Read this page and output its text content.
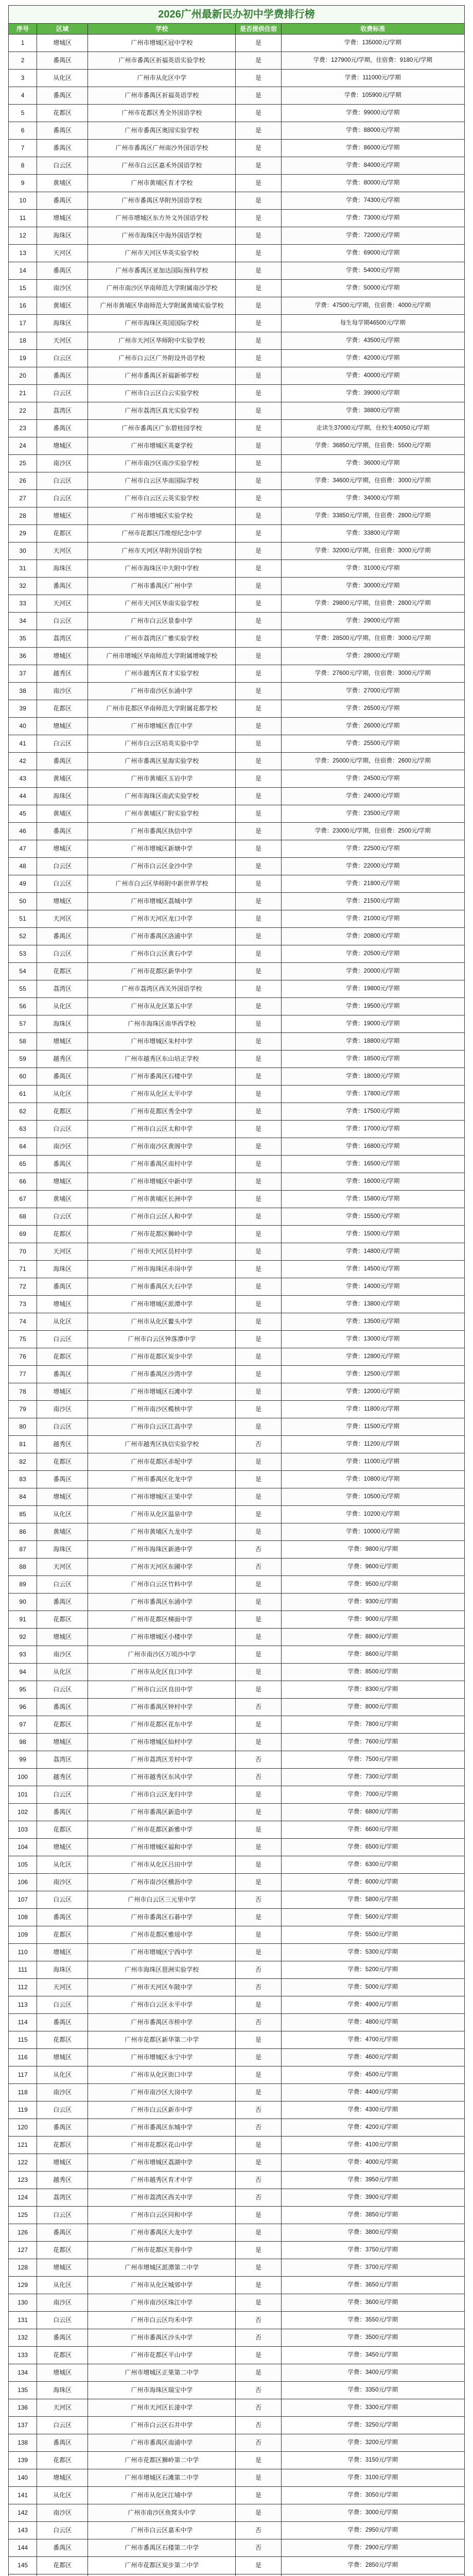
2026广州最新民办初中学费排行榜
序号	区域	学校	是否提供住宿	收费标准
1	增城区	广州市增城区冠中学校	是	学费：135000元/学期
2	番禺区	广州市番禺区祈福英语实验学校	是	学费：127900元/学期，住宿费：9180元/学期
3	从化区	广州市从化区中学	是	学费：111000元/学期
4	番禺区	广州市番禺区祈福英语学校	是	学费：105900元/学期
5	花都区	广州市花都区秀全外国语学校	是	学费：99000元/学期
6	番禺区	广州市番禺区奥园实验学校	是	学费：88000元/学期
7	番禺区	广州市番禺区广州南沙外国语学校	是	学费：86000元/学期
8	白云区	广州市白云区嘉禾外国语学校	是	学费：84000元/学期
9	黄埔区	广州市黄埔区育才学校	是	学费：80000元/学期
10	番禺区	广州市番禺区华附外国语学校	是	学费：74300元/学期
11	增城区	广州市增城区东方外文外国语学校	是	学费：73000元/学期
12	海珠区	广州市海珠区中海外国语学校	是	学费：72000元/学期
13	天河区	广州市天河区华英实验学校	是	学费：69000元/学期
14	番禺区	广州市番禺区亚加达国际预科学校	是	学费：54000元/学期
15	南沙区	广州市南沙区华南师范大学附属南沙学校	是	学费：50000元/学期
16	黄埔区	广州市黄埔区华南师范大学附属黄埔实验学校	是	学费：47500元/学期，住宿费：4000元/学期
17	海珠区	广州市海珠区英国国际学校	是	每生每学期46500元/学期
18	天河区	广州市天河区华师附中实验学校	是	学费：43500元/学期
19	白云区	广州市白云区广外附设外语学校	是	学费：42000元/学期
20	番禺区	广州市番禺区祈福新邨学校	是	学费：40000元/学期
21	白云区	广州市白云区白云实验学校	是	学费：39000元/学期
22	荔湾区	广州市荔湾区真光实验学校	是	学费：38800元/学期
23	番禺区	广州市番禺区广东碧桂园学校	是	走读生37000元/学期，住校生40050元/学期
24	增城区	广州市增城区英豪学校	是	学费：36850元/学期，住宿费：5500元/学期
25	南沙区	广州市南沙区南沙实验学校	是	学费：36000元/学期
26	白云区	广州市白云区华南国际学校	是	学费：34600元/学期，住宿费：3000元/学期
27	白云区	广州市白云区云英实验学校	是	学费：34000元/学期
28	增城区	广州市增城区实验学校	是	学费：33850元/学期，住宿费：2800元/学期
29	花都区	广州市花都区邝维煜纪念中学	是	学费：33800元/学期
30	天河区	广州市天河区华附外国语学校	是	学费：32000元/学期，住宿费：3000元/学期
31	海珠区	广州市海珠区中大附中学校	是	学费：31000元/学期
32	番禺区	广州市番禺区广州中学	是	学费：30000元/学期
33	天河区	广州市天河区华南实验学校	是	学费：29800元/学期，住宿费：2800元/学期
34	白云区	广州市白云区景泰中学	是	学费：29000元/学期
35	荔湾区	广州市荔湾区广雅实验学校	是	学费：28500元/学期，住宿费：3000元/学期
36	增城区	广州市增城区华南师范大学附属增城学校	是	学费：28000元/学期
37	越秀区	广州市越秀区育才实验学校	是	学费：27600元/学期，住宿费：3000元/学期
38	南沙区	广州市南沙区东涌中学	是	学费：27000元/学期
39	花都区	广州市花都区华南师范大学附属花都学校	是	学费：26500元/学期
40	增城区	广州市增城区香江中学	是	学费：26000元/学期
41	白云区	广州市白云区培英实验中学	是	学费：25500元/学期
42	番禺区	广州市番禺区星海实验学校	是	学费：25000元/学期，住宿费：2600元/学期
43	黄埔区	广州市黄埔区玉岩中学	是	学费：24500元/学期
44	海珠区	广州市海珠区南武实验学校	是	学费：24000元/学期
45	黄埔区	广州市黄埔区广附实验学校	是	学费：23500元/学期
46	番禺区	广州市番禺区执信中学	是	学费：23000元/学期，住宿费：2500元/学期
47	增城区	广州市增城区新塘中学	是	学费：22500元/学期
48	白云区	广州市白云区金沙中学	是	学费：22000元/学期
49	白云区	广州市白云区华师附中新世界学校	是	学费：21800元/学期
50	增城区	广州市增城区荔城中学	是	学费：21500元/学期
51	天河区	广州市天河区龙口中学	是	学费：21000元/学期
52	番禺区	广州市番禺区洛浦中学	是	学费：20800元/学期
53	白云区	广州市白云区黄石中学	是	学费：20500元/学期
54	花都区	广州市花都区新华中学	是	学费：20000元/学期
55	荔湾区	广州市荔湾区西关外国语学校	是	学费：19800元/学期
56	从化区	广州市从化区第五中学	是	学费：19500元/学期
57	海珠区	广州市海珠区南华西学校	是	学费：19000元/学期
58	增城区	广州市增城区朱村中学	是	学费：18800元/学期
59	越秀区	广州市越秀区东山培正学校	是	学费：18500元/学期
60	番禺区	广州市番禺区石楼中学	是	学费：18000元/学期
61	从化区	广州市从化区太平中学	是	学费：17800元/学期
62	花都区	广州市花都区秀全中学	是	学费：17500元/学期
63	白云区	广州市白云区太和中学	是	学费：17000元/学期
64	南沙区	广州市南沙区黄阁中学	是	学费：16800元/学期
65	番禺区	广州市番禺区南村中学	是	学费：16500元/学期
66	增城区	广州市增城区中新中学	是	学费：16000元/学期
67	黄埔区	广州市黄埔区长洲中学	是	学费：15800元/学期
68	白云区	广州市白云区人和中学	是	学费：15500元/学期
69	花都区	广州市花都区狮岭中学	是	学费：15000元/学期
70	天河区	广州市天河区员村中学	是	学费：14800元/学期
71	海珠区	广州市海珠区赤岗中学	是	学费：14500元/学期
72	番禺区	广州市番禺区大石中学	是	学费：14000元/学期
73	增城区	广州市增城区派潭中学	是	学费：13800元/学期
74	从化区	广州市从化区鳌头中学	是	学费：13500元/学期
75	白云区	广州市白云区钟落潭中学	是	学费：13000元/学期
76	花都区	广州市花都区炭步中学	是	学费：12800元/学期
77	番禺区	广州市番禺区沙湾中学	是	学费：12500元/学期
78	增城区	广州市增城区石滩中学	是	学费：12000元/学期
79	南沙区	广州市南沙区榄核中学	是	学费：11800元/学期
80	白云区	广州市白云区江高中学	是	学费：11500元/学期
81	越秀区	广州市越秀区执信实验学校	否	学费：11200元/学期
82	花都区	广州市花都区赤坭中学	是	学费：11000元/学期
83	番禺区	广州市番禺区化龙中学	是	学费：10800元/学期
84	增城区	广州市增城区正果中学	是	学费：10500元/学期
85	从化区	广州市从化区温泉中学	是	学费：10200元/学期
86	黄埔区	广州市黄埔区九龙中学	是	学费：10000元/学期
87	海珠区	广州市海珠区新港中学	否	学费：9800元/学期
88	天河区	广州市天河区东圃中学	否	学费：9600元/学期
89	白云区	广州市白云区竹料中学	是	学费：9500元/学期
90	番禺区	广州市番禺区东涌中学	是	学费：9300元/学期
91	花都区	广州市花都区梯面中学	是	学费：9000元/学期
92	增城区	广州市增城区小楼中学	是	学费：8800元/学期
93	南沙区	广州市南沙区万顷沙中学	是	学费：8600元/学期
94	从化区	广州市从化区良口中学	是	学费：8500元/学期
95	白云区	广州市白云区良田中学	是	学费：8300元/学期
96	番禺区	广州市番禺区钟村中学	否	学费：8000元/学期
97	花都区	广州市花都区花东中学	是	学费：7800元/学期
98	增城区	广州市增城区仙村中学	是	学费：7600元/学期
99	荔湾区	广州市荔湾区芳村中学	否	学费：7500元/学期
100	越秀区	广州市越秀区东风中学	否	学费：7300元/学期
101	白云区	广州市白云区龙归中学	是	学费：7000元/学期
102	番禺区	广州市番禺区新造中学	是	学费：6800元/学期
103	花都区	广州市花都区新雅中学	是	学费：6600元/学期
104	增城区	广州市增城区福和中学	是	学费：6500元/学期
105	从化区	广州市从化区吕田中学	是	学费：6300元/学期
106	南沙区	广州市南沙区横沥中学	是	学费：6000元/学期
107	白云区	广州市白云区三元里中学	否	学费：5800元/学期
108	番禺区	广州市番禺区石碁中学	是	学费：5600元/学期
109	花都区	广州市花都区雅瑶中学	是	学费：5500元/学期
110	增城区	广州市增城区宁西中学	是	学费：5300元/学期
111	海珠区	广州市海珠区琶洲实验学校	否	学费：5200元/学期
112	天河区	广州市天河区车陂中学	否	学费：5000元/学期
113	白云区	广州市白云区永平中学	是	学费：4900元/学期
114	番禺区	广州市番禺区市桥中学	否	学费：4800元/学期
115	花都区	广州市花都区新华第二中学	是	学费：4700元/学期
116	增城区	广州市增城区永宁中学	是	学费：4600元/学期
117	从化区	广州市从化区街口中学	是	学费：4500元/学期
118	南沙区	广州市南沙区大岗中学	是	学费：4400元/学期
119	白云区	广州市白云区新市中学	否	学费：4300元/学期
120	番禺区	广州市番禺区东城中学	否	学费：4200元/学期
121	花都区	广州市花都区花山中学	是	学费：4100元/学期
122	增城区	广州市增城区荔湖中学	是	学费：4000元/学期
123	越秀区	广州市越秀区育才中学	否	学费：3950元/学期
124	荔湾区	广州市荔湾区西关中学	否	学费：3900元/学期
125	白云区	广州市白云区同和中学	是	学费：3850元/学期
126	番禺区	广州市番禺区大龙中学	是	学费：3800元/学期
127	花都区	广州市花都区芙蓉中学	是	学费：3750元/学期
128	增城区	广州市增城区派潭第二中学	是	学费：3700元/学期
129	从化区	广州市从化区城郊中学	是	学费：3650元/学期
130	南沙区	广州市南沙区珠江中学	是	学费：3600元/学期
131	白云区	广州市白云区均禾中学	否	学费：3550元/学期
132	番禺区	广州市番禺区沙头中学	否	学费：3500元/学期
133	花都区	广州市花都区平山中学	是	学费：3450元/学期
134	增城区	广州市增城区正果第二中学	是	学费：3400元/学期
135	海珠区	广州市海珠区瑞宝中学	否	学费：3350元/学期
136	天河区	广州市天河区长湴中学	否	学费：3300元/学期
137	白云区	广州市白云区石井中学	否	学费：3250元/学期
138	番禺区	广州市番禺区南浦中学	否	学费：3200元/学期
139	花都区	广州市花都区狮岭第二中学	是	学费：3150元/学期
140	增城区	广州市增城区石滩第二中学	是	学费：3100元/学期
141	从化区	广州市从化区江埔中学	是	学费：3050元/学期
142	南沙区	广州市南沙区鱼窝头中学	是	学费：3000元/学期
143	白云区	广州市白云区嘉禾中学	否	学费：2950元/学期
144	番禺区	广州市番禺区石楼第二中学	否	学费：2900元/学期
145	花都区	广州市花都区炭步第二中学	是	学费：2850元/学期
